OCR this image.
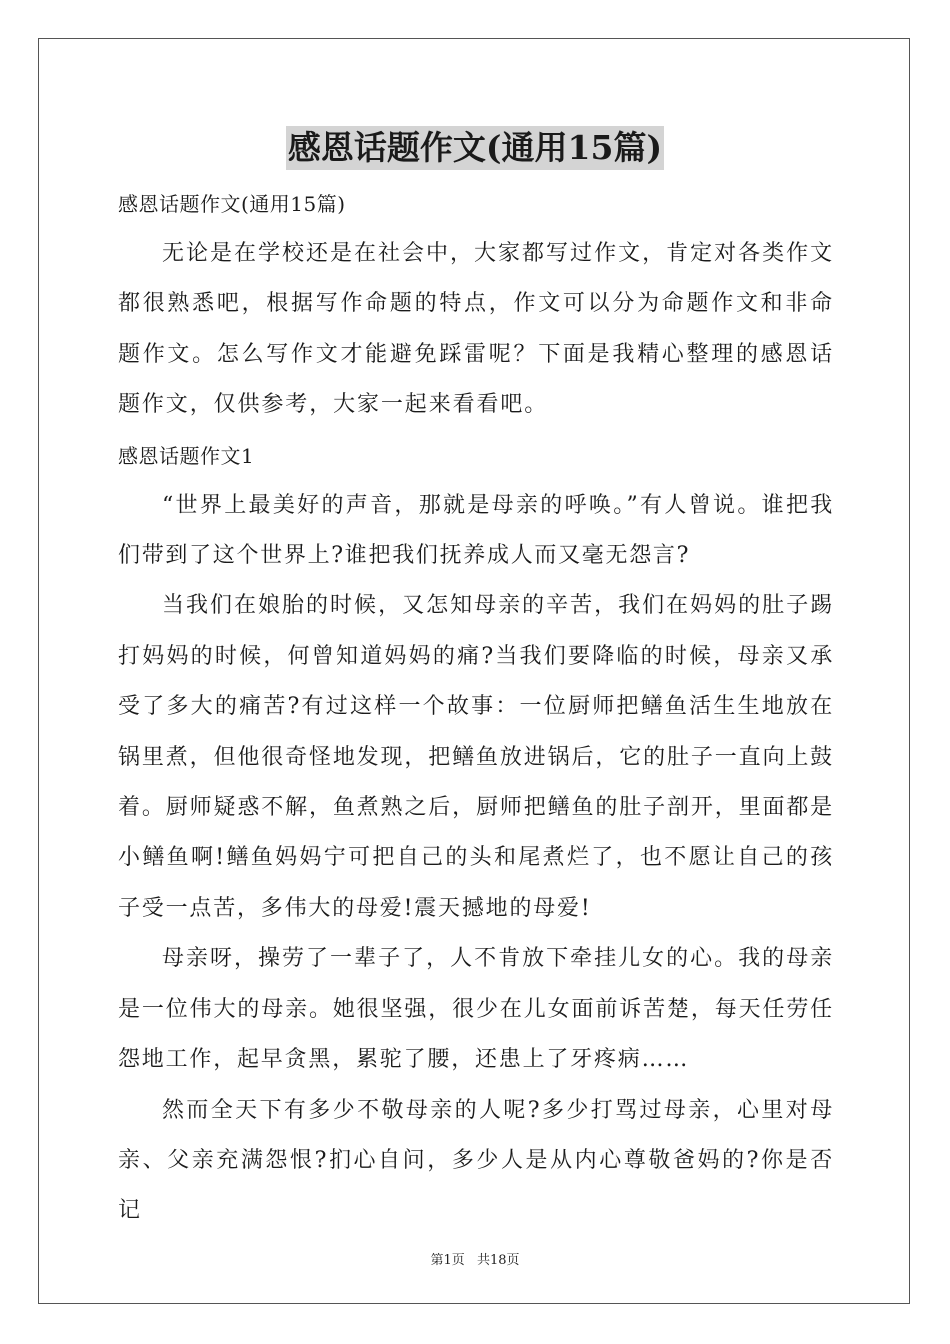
感恩话题作文(通用15篇)

感恩话题作文(通用15篇)

无论是在学校还是在社会中，大家都写过作文，肯定对各类作文都很熟悉吧，根据写作命题的特点，作文可以分为命题作文和非命题作文。怎么写作文才能避免踩雷呢？下面是我精心整理的感恩话题作文，仅供参考，大家一起来看看吧。

感恩话题作文1

“世界上最美好的声音，那就是母亲的呼唤。”有人曾说。谁把我们带到了这个世界上?谁把我们抚养成人而又毫无怨言?

当我们在娘胎的时候，又怎知母亲的辛苦，我们在妈妈的肚子踢打妈妈的时候，何曾知道妈妈的痛?当我们要降临的时候，母亲又承受了多大的痛苦?有过这样一个故事：一位厨师把鳝鱼活生生地放在锅里煮，但他很奇怪地发现，把鳝鱼放进锅后，它的肚子一直向上鼓着。厨师疑惑不解，鱼煮熟之后，厨师把鳝鱼的肚子剖开，里面都是小鳝鱼啊!鳝鱼妈妈宁可把自己的头和尾煮烂了，也不愿让自己的孩子受一点苦，多伟大的母爱!震天撼地的母爱!

母亲呀，操劳了一辈子了，人不肯放下牵挂儿女的心。我的母亲是一位伟大的母亲。她很坚强，很少在儿女面前诉苦楚，每天任劳任怨地工作，起早贪黑，累驼了腰，还患上了牙疼病……

然而全天下有多少不敬母亲的人呢?多少打骂过母亲，心里对母亲、父亲充满怨恨?扪心自问，多少人是从内心尊敬爸妈的?你是否记

第1页 共18页
